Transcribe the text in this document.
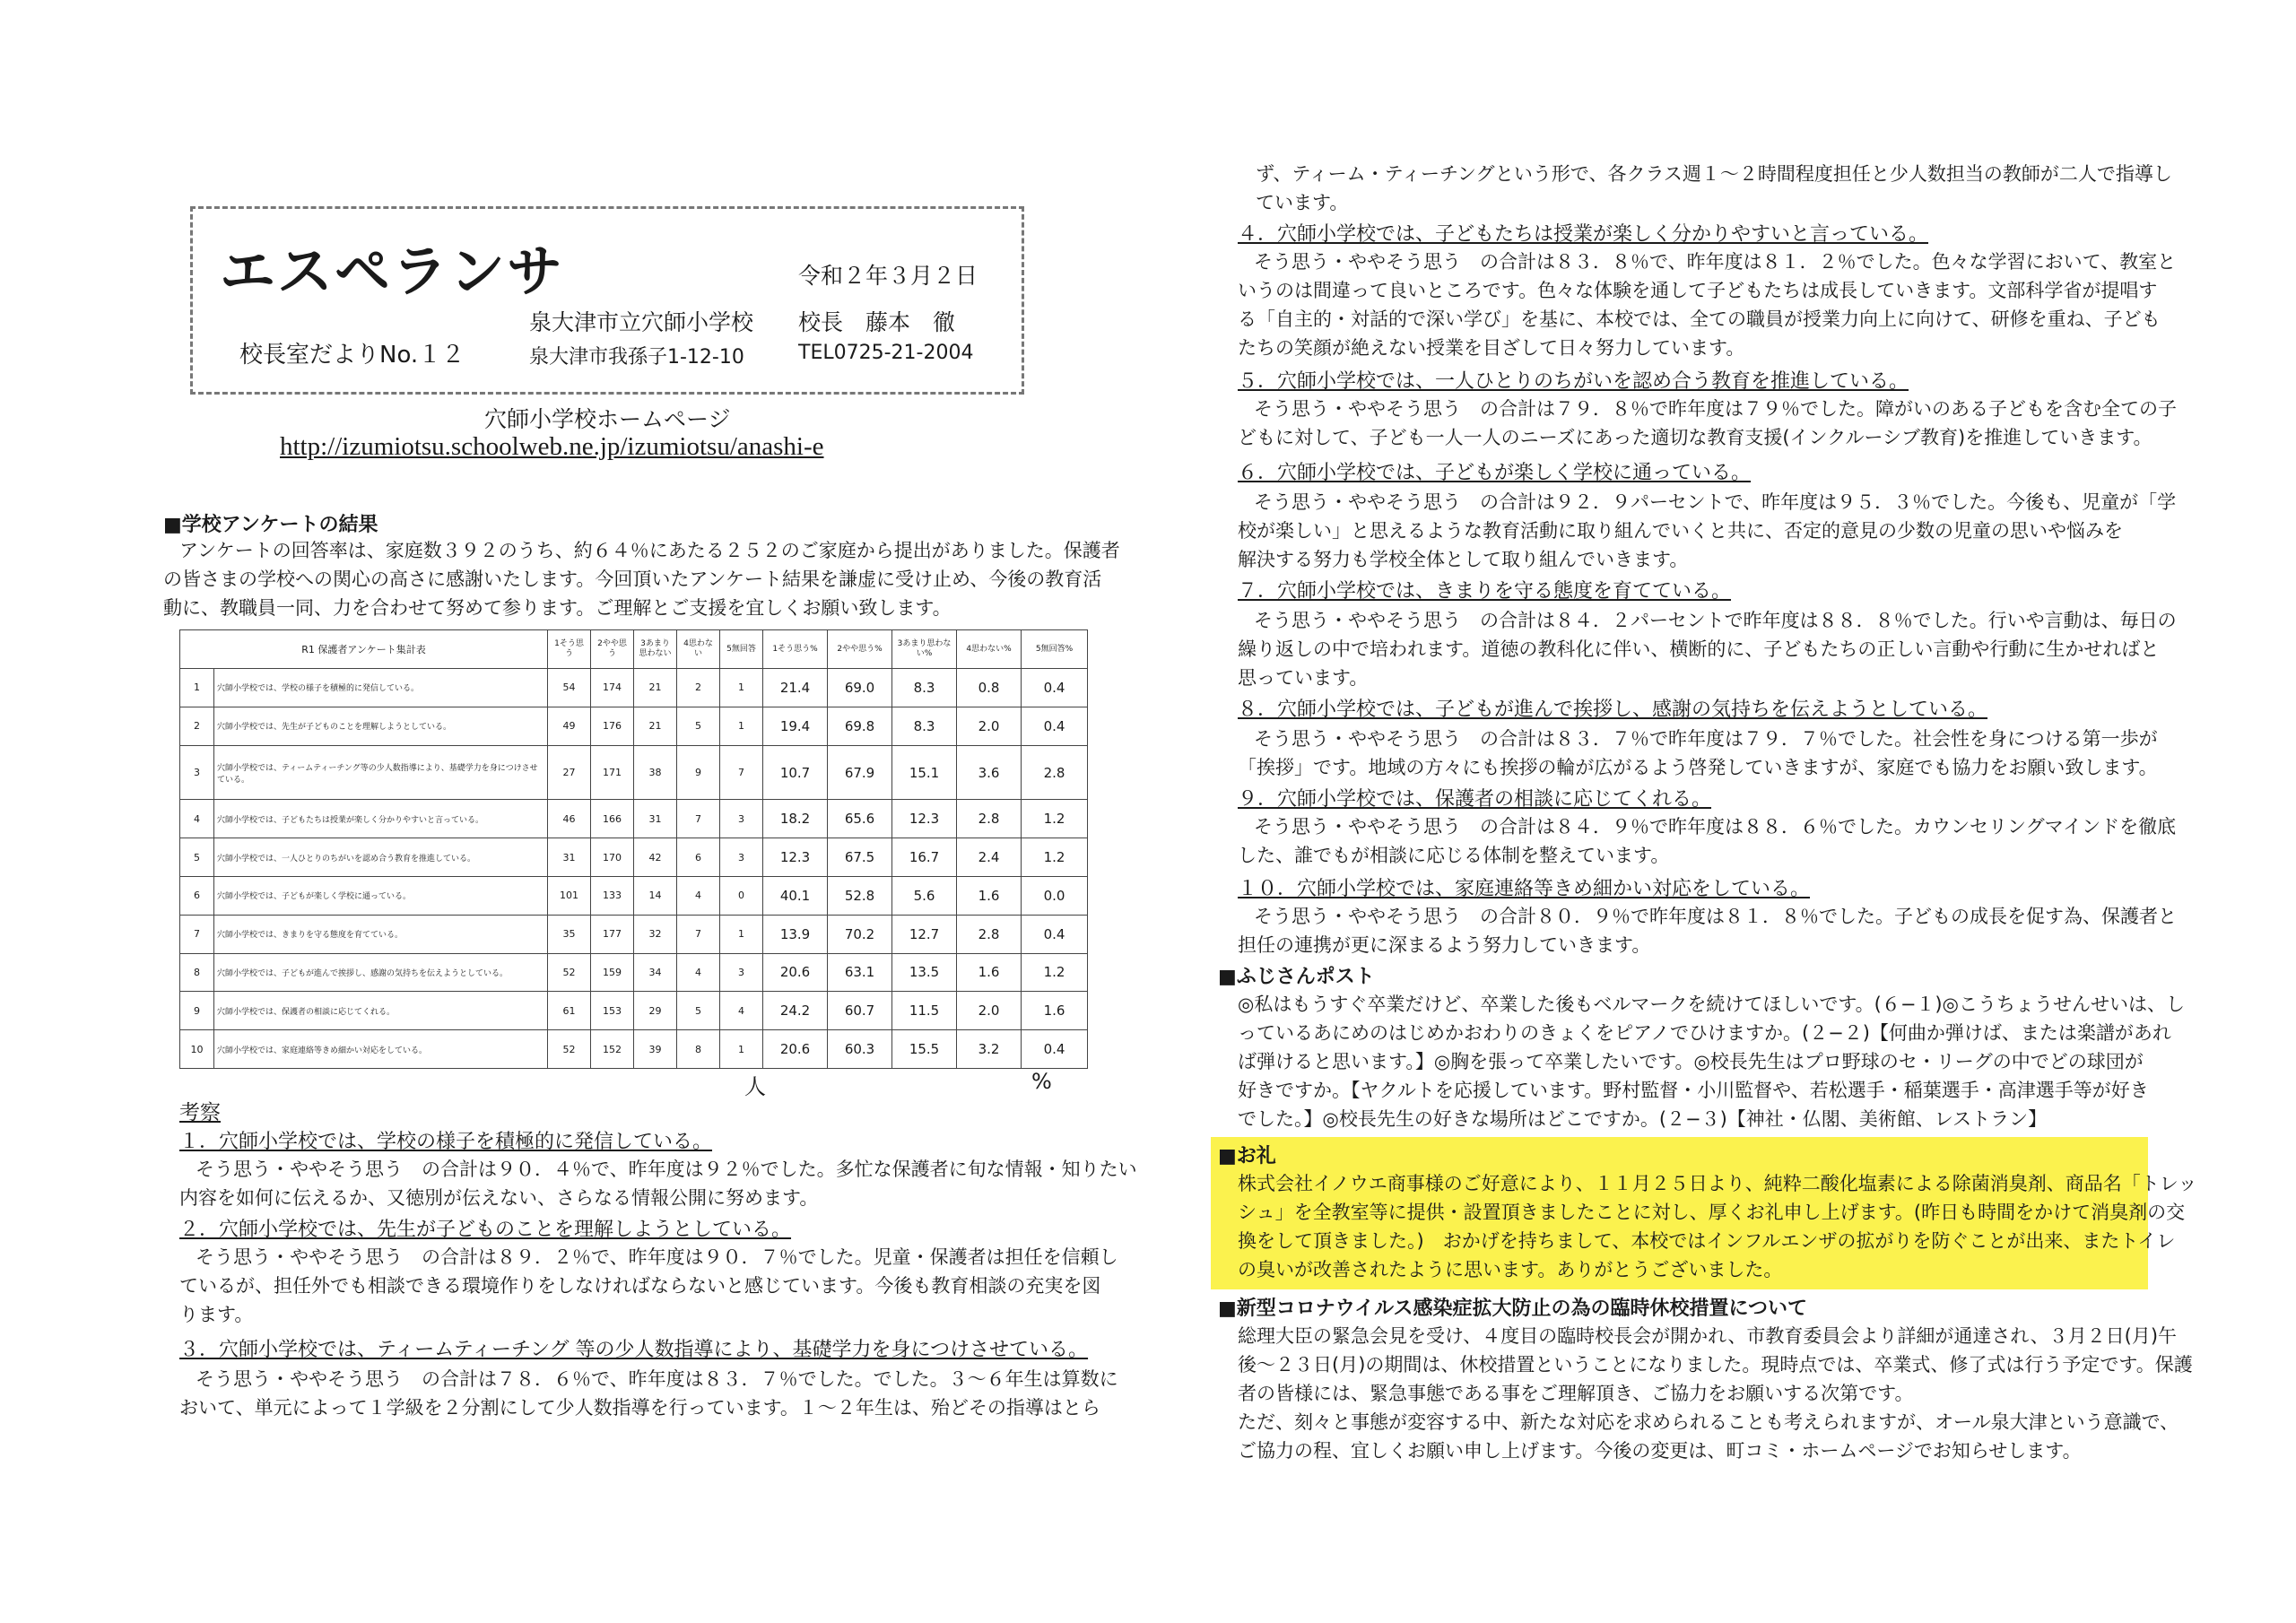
エスペランサ	令和２年３月２日
泉大津市立穴師小学校 校長　藤本　徹
校長室だよりNo.１２	泉大津市我孫子1-12-10	TEL0725-21-2004
穴師小学校ホームページ
http://izumiotsu.schoolweb.ne.jp/izumiotsu/anashi-e
■学校アンケートの結果
アンケートの回答率は、家庭数３９２のうち、約６４％にあたる２５２のご家庭から提出がありました。保護者
の皆さまの学校への関心の高さに感謝いたします。今回頂いたアンケート結果を謙虚に受け止め、今後の教育活
動に、教職員一同、力を合わせて努めて参ります。ご理解とご支援を宜しくお願い致します。
R1 保護者アンケート集計表		1そう思う	2やや思う	3あまり思わない	4思わない	5無回答	1そう思う%	2やや思う%	3あまり思わない%	4思わない%	5無回答%
1	穴師小学校では、学校の様子を積極的に発信している。	54	174	21	2	1	21.4	69.0	8.3	0.8	0.4
2	穴師小学校では、先生が子どものことを理解しようとしている。	49	176	21	5	1	19.4	69.8	8.3	2.0	0.4
3	穴師小学校では、ティームティーチング等の少人数指導により、基礎学力を身につけさせている。	27	171	38	9	7	10.7	67.9	15.1	3.6	2.8
4	穴師小学校では、子どもたちは授業が楽しく分かりやすいと言っている。	46	166	31	7	3	18.2	65.6	12.3	2.8	1.2
5	穴師小学校では、一人ひとりのちがいを認め合う教育を推進している。	31	170	42	6	3	12.3	67.5	16.7	2.4	1.2
6	穴師小学校では、子どもが楽しく学校に通っている。	101	133	14	4	0	40.1	52.8	5.6	1.6	0.0
7	穴師小学校では、きまりを守る態度を育てている。	35	177	32	7	1	13.9	70.2	12.7	2.8	0.4
8	穴師小学校では、子どもが進んで挨拶し、感謝の気持ちを伝えようとしている。	52	159	34	4	3	20.6	63.1	13.5	1.6	1.2
9	穴師小学校では、保護者の相談に応じてくれる。	61	153	29	5	4	24.2	60.7	11.5	2.0	1.6
10	穴師小学校では、家庭連絡等きめ細かい対応をしている。	52	152	39	8	1	20.6	60.3	15.5	3.2	0.4
人	%
考察
１．穴師小学校では、学校の様子を積極的に発信している。
そう思う・ややそう思う　の合計は９０．４％で、昨年度は９２％でした。多忙な保護者に旬な情報・知りたい
内容を如何に伝えるか、又徳別が伝えない、さらなる情報公開に努めます。
２．穴師小学校では、先生が子どものことを理解しようとしている。
そう思う・ややそう思う　の合計は８９．２％で、昨年度は９０．７％でした。児童・保護者は担任を信頼し
ているが、担任外でも相談できる環境作りをしなければならないと感じています。今後も教育相談の充実を図
ります。
３．穴師小学校では、ティームティーチング 等の少人数指導により、基礎学力を身につけさせている。
そう思う・ややそう思う　の合計は７８．６％で、昨年度は８３．７％でした。でした。３〜６年生は算数に
おいて、単元によって１学級を２分割にして少人数指導を行っています。１〜２年生は、殆どその指導はとら
ず、ティーム・ティーチングという形で、各クラス週１〜２時間程度担任と少人数担当の教師が二人で指導し
ています。
４．穴師小学校では、子どもたちは授業が楽しく分かりやすいと言っている。
そう思う・ややそう思う　の合計は８３．８％で、昨年度は８１．２％でした。色々な学習において、教室と
いうのは間違って良いところです。色々な体験を通して子どもたちは成長していきます。文部科学省が提唱す
る「自主的・対話的で深い学び」を基に、本校では、全ての職員が授業力向上に向けて、研修を重ね、子ども
たちの笑顔が絶えない授業を目ざして日々努力しています。
５．穴師小学校では、一人ひとりのちがいを認め合う教育を推進している。
そう思う・ややそう思う　の合計は７９．８％で昨年度は７９％でした。障がいのある子どもを含む全ての子
どもに対して、子ども一人一人のニーズにあった適切な教育支援(インクルーシブ教育)を推進していきます。
６．穴師小学校では、子どもが楽しく学校に通っている。
そう思う・ややそう思う　の合計は９２．９パーセントで、昨年度は９５．３％でした。今後も、児童が「学
校が楽しい」と思えるような教育活動に取り組んでいくと共に、否定的意見の少数の児童の思いや悩みを
解決する努力も学校全体として取り組んでいきます。
７．穴師小学校では、きまりを守る態度を育てている。
そう思う・ややそう思う　の合計は８４．２パーセントで昨年度は８８．８％でした。行いや言動は、毎日の
繰り返しの中で培われます。道徳の教科化に伴い、横断的に、子どもたちの正しい言動や行動に生かせればと
思っています。
８．穴師小学校では、子どもが進んで挨拶し、感謝の気持ちを伝えようとしている。
そう思う・ややそう思う　の合計は８３．７％で昨年度は７９．７％でした。社会性を身につける第一歩が
「挨拶」です。地域の方々にも挨拶の輪が広がるよう啓発していきますが、家庭でも協力をお願い致します。
９．穴師小学校では、保護者の相談に応じてくれる。
そう思う・ややそう思う　の合計は８４．９％で昨年度は８８．６％でした。カウンセリングマインドを徹底
した、誰でもが相談に応じる体制を整えています。
１０．穴師小学校では、家庭連絡等きめ細かい対応をしている。
そう思う・ややそう思う　の合計８０．９％で昨年度は８１．８％でした。子どもの成長を促す為、保護者と
担任の連携が更に深まるよう努力していきます。
■ふじさんポスト
◎私はもうすぐ卒業だけど、卒業した後もベルマークを続けてほしいです。(６−１)◎こうちょうせんせいは、し
っているあにめのはじめかおわりのきょくをピアノでひけますか。(２−２)【何曲か弾けば、または楽譜があれ
ば弾けると思います。】◎胸を張って卒業したいです。◎校長先生はプロ野球のセ・リーグの中でどの球団が
好きですか。【ヤクルトを応援しています。野村監督・小川監督や、若松選手・稲葉選手・高津選手等が好き
でした。】◎校長先生の好きな場所はどこですか。(２−３)【神社・仏閣、美術館、レストラン】
■お礼
株式会社イノウエ商事様のご好意により、１１月２５日より、純粋二酸化塩素による除菌消臭剤、商品名「トレッ
シュ」を全教室等に提供・設置頂きましたことに対し、厚くお礼申し上げます。(昨日も時間をかけて消臭剤の交
換をして頂きました。)　おかげを持ちまして、本校ではインフルエンザの拡がりを防ぐことが出来、またトイレ
の臭いが改善されたように思います。ありがとうございました。
■新型コロナウイルス感染症拡大防止の為の臨時休校措置について
総理大臣の緊急会見を受け、４度目の臨時校長会が開かれ、市教育委員会より詳細が通達され、３月２日(月)午
後〜２３日(月)の期間は、休校措置ということになりました。現時点では、卒業式、修了式は行う予定です。保護
者の皆様には、緊急事態である事をご理解頂き、ご協力をお願いする次第です。
ただ、刻々と事態が変容する中、新たな対応を求められることも考えられますが、オール泉大津という意識で、
ご協力の程、宜しくお願い申し上げます。今後の変更は、町コミ・ホームページでお知らせします。
